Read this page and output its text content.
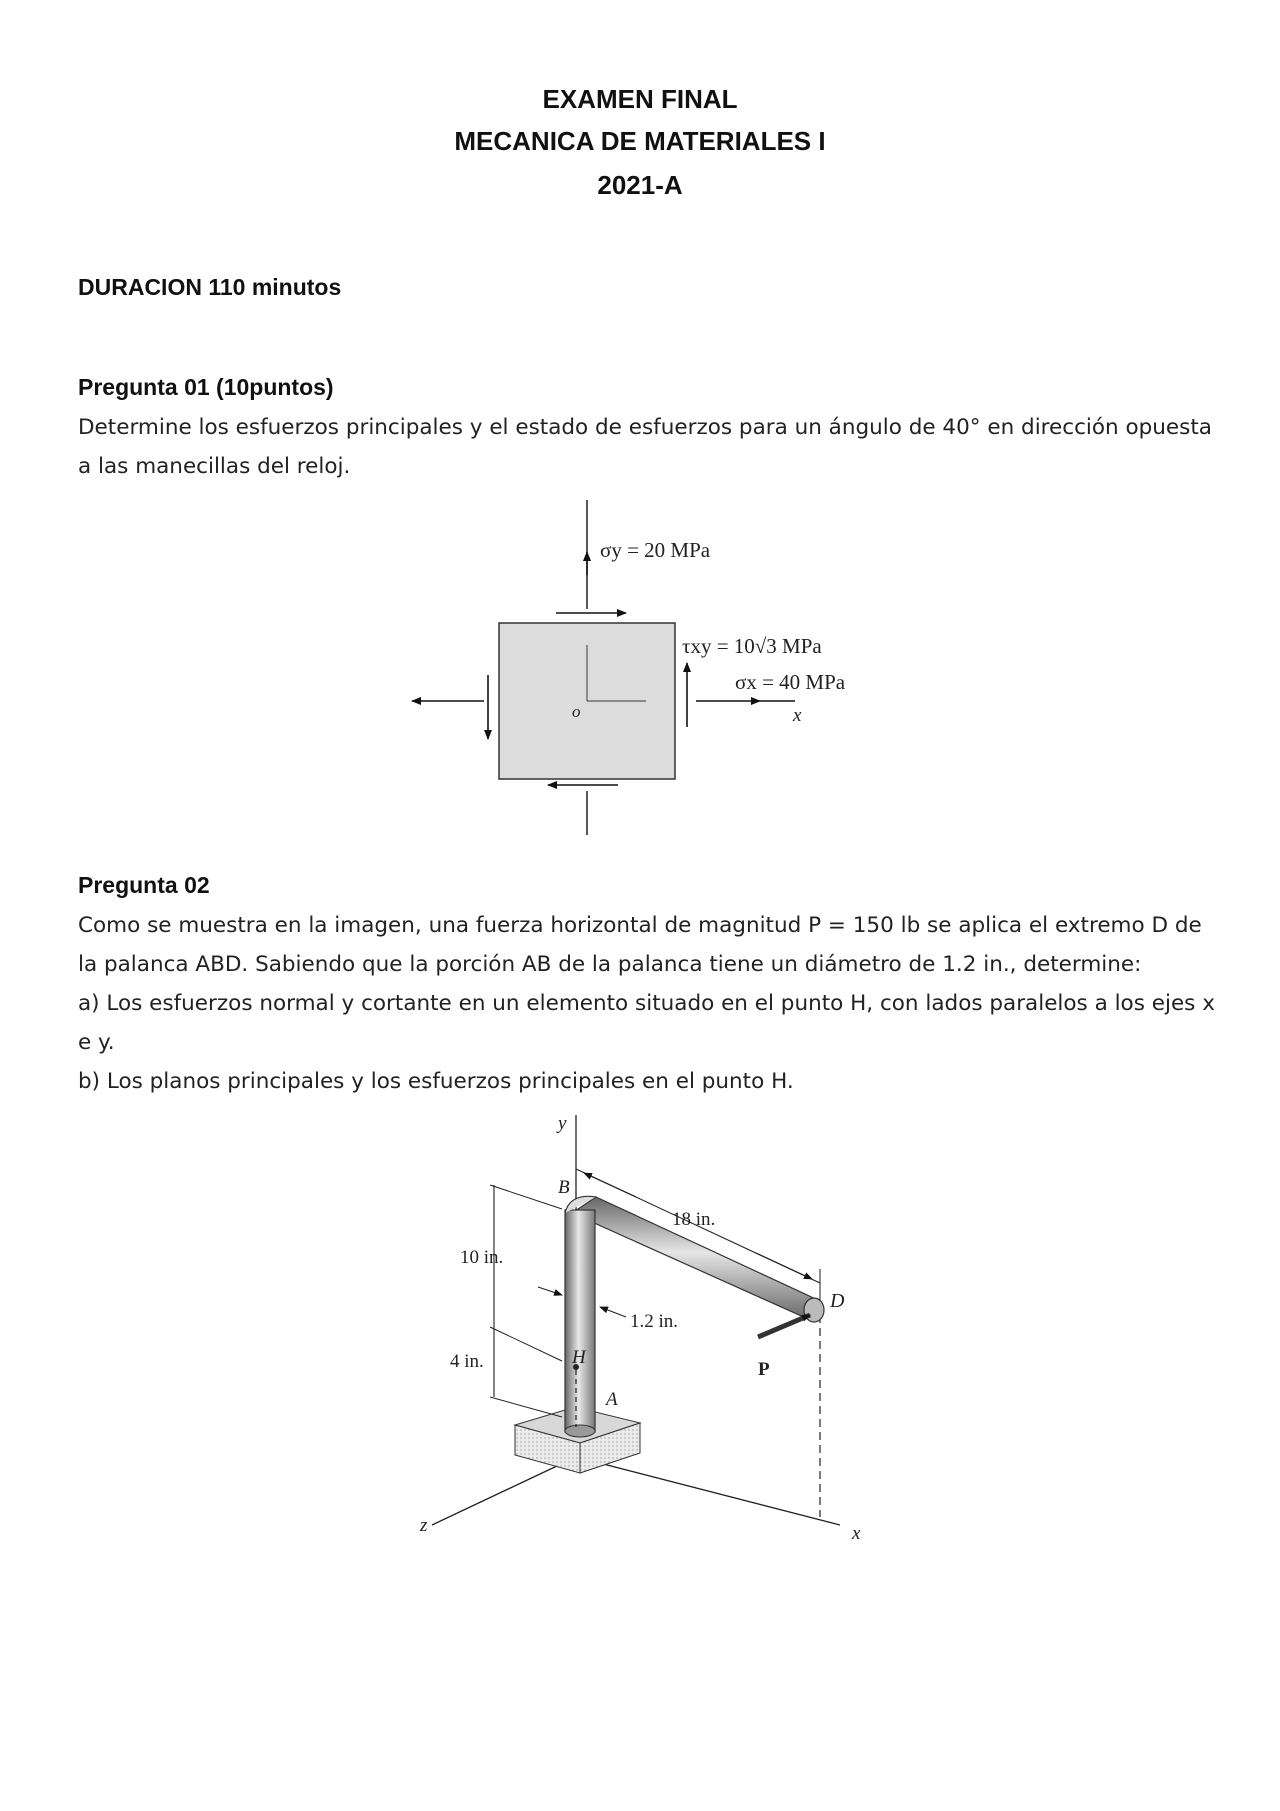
EXAMEN FINAL
MECANICA DE MATERIALES I
2021-A
DURACION 110 minutos
Pregunta 01 (10puntos)

Determine los esfuerzos principales y el estado de esfuerzos para un ángulo de 40° en dirección opuesta a las manecillas del reloj.

o
σy = 20 MPa
τxy = 10√3 MPa
σx = 40 MPa
x
Pregunta 02

Como se muestra en la imagen, una fuerza horizontal de magnitud P = 150 lb se aplica el extremo D de la palanca ABD. Sabiendo que la porción AB de la palanca tiene un diámetro de 1.2 in., determine:

a) Los esfuerzos normal y cortante en un elemento situado en el punto H, con lados paralelos a los ejes x e y.

b) Los planos principales y los esfuerzos principales en el punto H.

y
z	x
18 in.
10 in.
4 in.
1.2 in.
B
D
H
A
P
